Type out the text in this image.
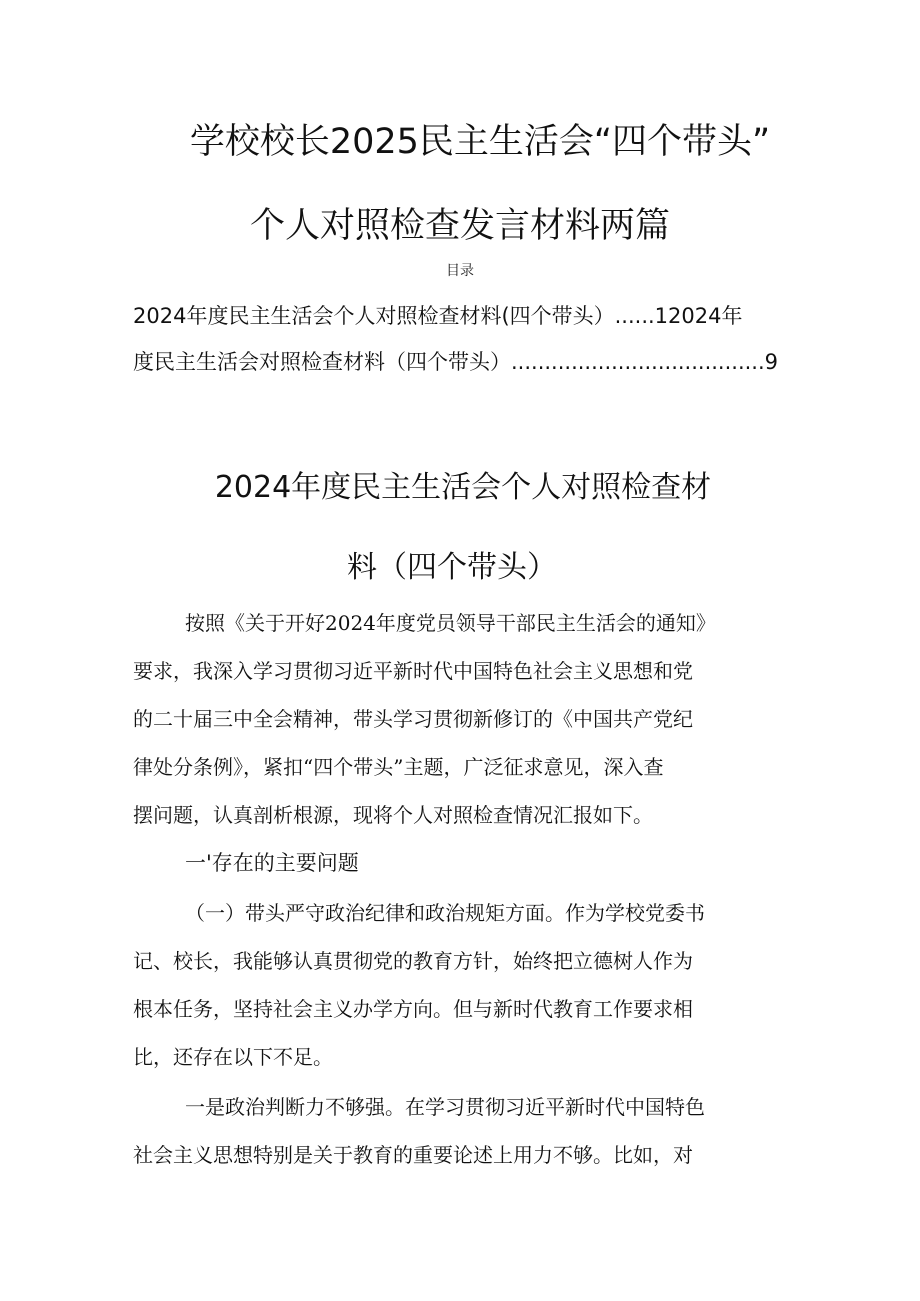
学校校长2025民主生活会“四个带头”
个人对照检查发言材料两篇
目录
2024年度民主生活会个人对照检查材料(四个带头）......12024年
度民主生活会对照检查材料（四个带头）......................................9
2024年度民主生活会个人对照检查材
料（四个带头）
按照《关于开好2024年度党员领导干部民主生活会的通知》
要求，我深入学习贯彻习近平新时代中国特色社会主义思想和党
的二十届三中全会精神，带头学习贯彻新修订的《中国共产党纪
律处分条例》，紧扣“四个带头”主题，广泛征求意见，深入查
摆问题，认真剖析根源，现将个人对照检查情况汇报如下。
一'存在的主要问题
（一）带头严守政治纪律和政治规矩方面。作为学校党委书
记、校长，我能够认真贯彻党的教育方针，始终把立德树人作为
根本任务，坚持社会主义办学方向。但与新时代教育工作要求相
比，还存在以下不足。
一是政治判断力不够强。在学习贯彻习近平新时代中国特色
社会主义思想特别是关于教育的重要论述上用力不够。比如，对
